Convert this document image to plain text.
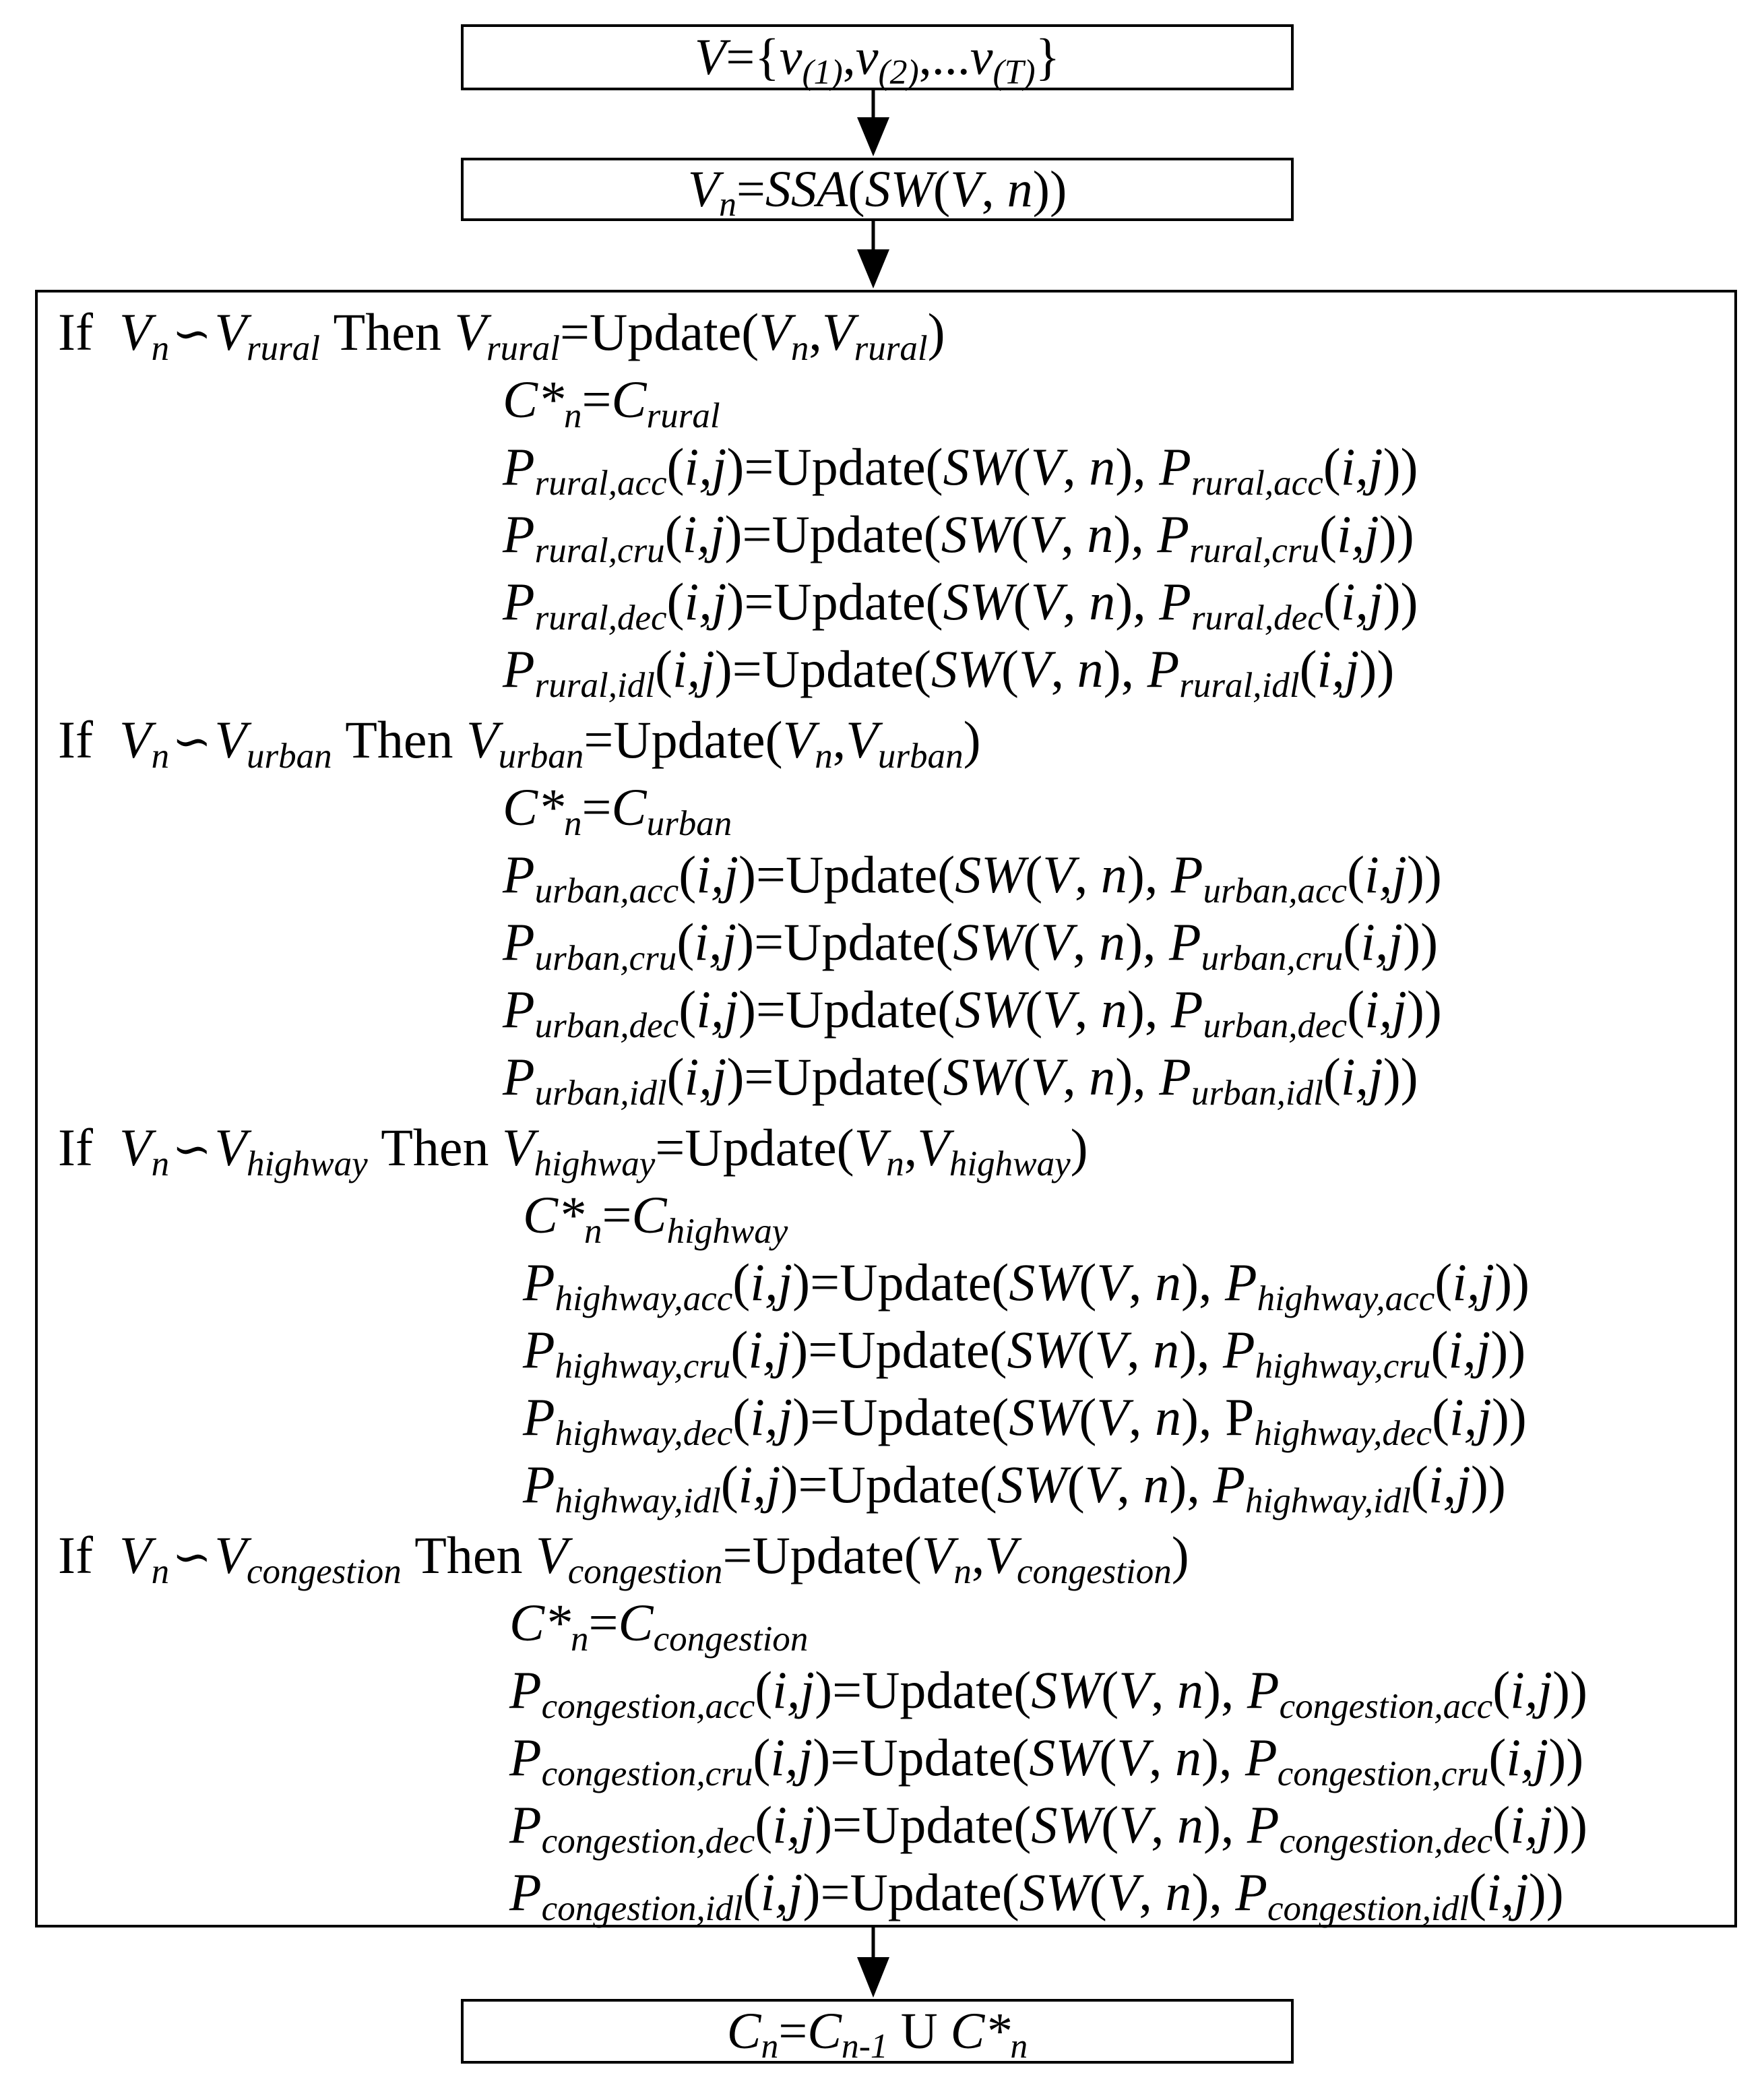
V={v(1),v(2),...v(T)}
Vn=SSA(SW(V, n))
If Vn∽Vrural Then Vrural=Update(Vn,Vrural)
C*n=Crural
Prural,acc(i,j)=Update(SW(V, n), Prural,acc(i,j))
Prural,cru(i,j)=Update(SW(V, n), Prural,cru(i,j))
Prural,dec(i,j)=Update(SW(V, n), Prural,dec(i,j))
Prural,idl(i,j)=Update(SW(V, n), Prural,idl(i,j))
If Vn∽Vurban Then Vurban=Update(Vn,Vurban)
C*n=Curban
Purban,acc(i,j)=Update(SW(V, n), Purban,acc(i,j))
Purban,cru(i,j)=Update(SW(V, n), Purban,cru(i,j))
Purban,dec(i,j)=Update(SW(V, n), Purban,dec(i,j))
Purban,idl(i,j)=Update(SW(V, n), Purban,idl(i,j))
If Vn∽Vhighway Then Vhighway=Update(Vn,Vhighway)
C*n=Chighway
Phighway,acc(i,j)=Update(SW(V, n), Phighway,acc(i,j))
Phighway,cru(i,j)=Update(SW(V, n), Phighway,cru(i,j))
Phighway,dec(i,j)=Update(SW(V, n), Phighway,dec(i,j))
Phighway,idl(i,j)=Update(SW(V, n), Phighway,idl(i,j))
If Vn∽Vcongestion Then Vcongestion=Update(Vn,Vcongestion)
C*n=Ccongestion
Pcongestion,acc(i,j)=Update(SW(V, n), Pcongestion,acc(i,j))
Pcongestion,cru(i,j)=Update(SW(V, n), Pcongestion,cru(i,j))
Pcongestion,dec(i,j)=Update(SW(V, n), Pcongestion,dec(i,j))
Pcongestion,idl(i,j)=Update(SW(V, n), Pcongestion,idl(i,j))
Cn=Cn-1 U C*n
